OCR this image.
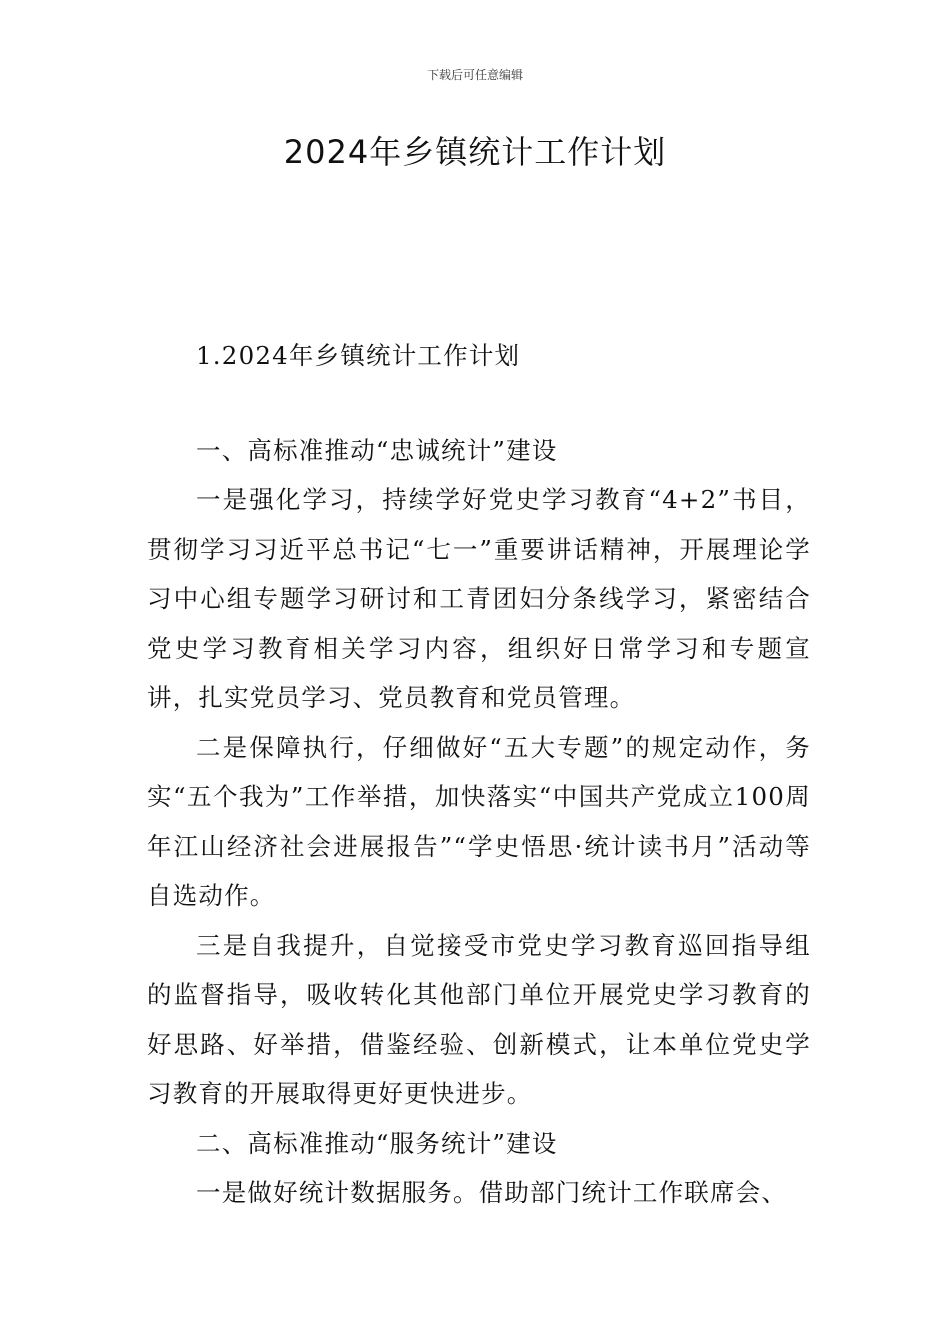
下载后可任意编辑
2024年乡镇统计工作计划

1.2024年乡镇统计工作计划

一、高标准推动“忠诚统计”建设

一是强化学习，持续学好党史学习教育“4+2”书目，贯彻学习习近平总书记“七一”重要讲话精神，开展理论学习中心组专题学习研讨和工青团妇分条线学习，紧密结合党史学习教育相关学习内容，组织好日常学习和专题宣讲，扎实党员学习、党员教育和党员管理。

二是保障执行，仔细做好“五大专题”的规定动作，务实“五个我为”工作举措，加快落实“中国共产党成立100周年江山经济社会进展报告”“学史悟思·统计读书月”活动等自选动作。

三是自我提升，自觉接受市党史学习教育巡回指导组的监督指导，吸收转化其他部门单位开展党史学习教育的好思路、好举措，借鉴经验、创新模式，让本单位党史学习教育的开展取得更好更快进步。

二、高标准推动“服务统计”建设

一是做好统计数据服务。借助部门统计工作联席会、
